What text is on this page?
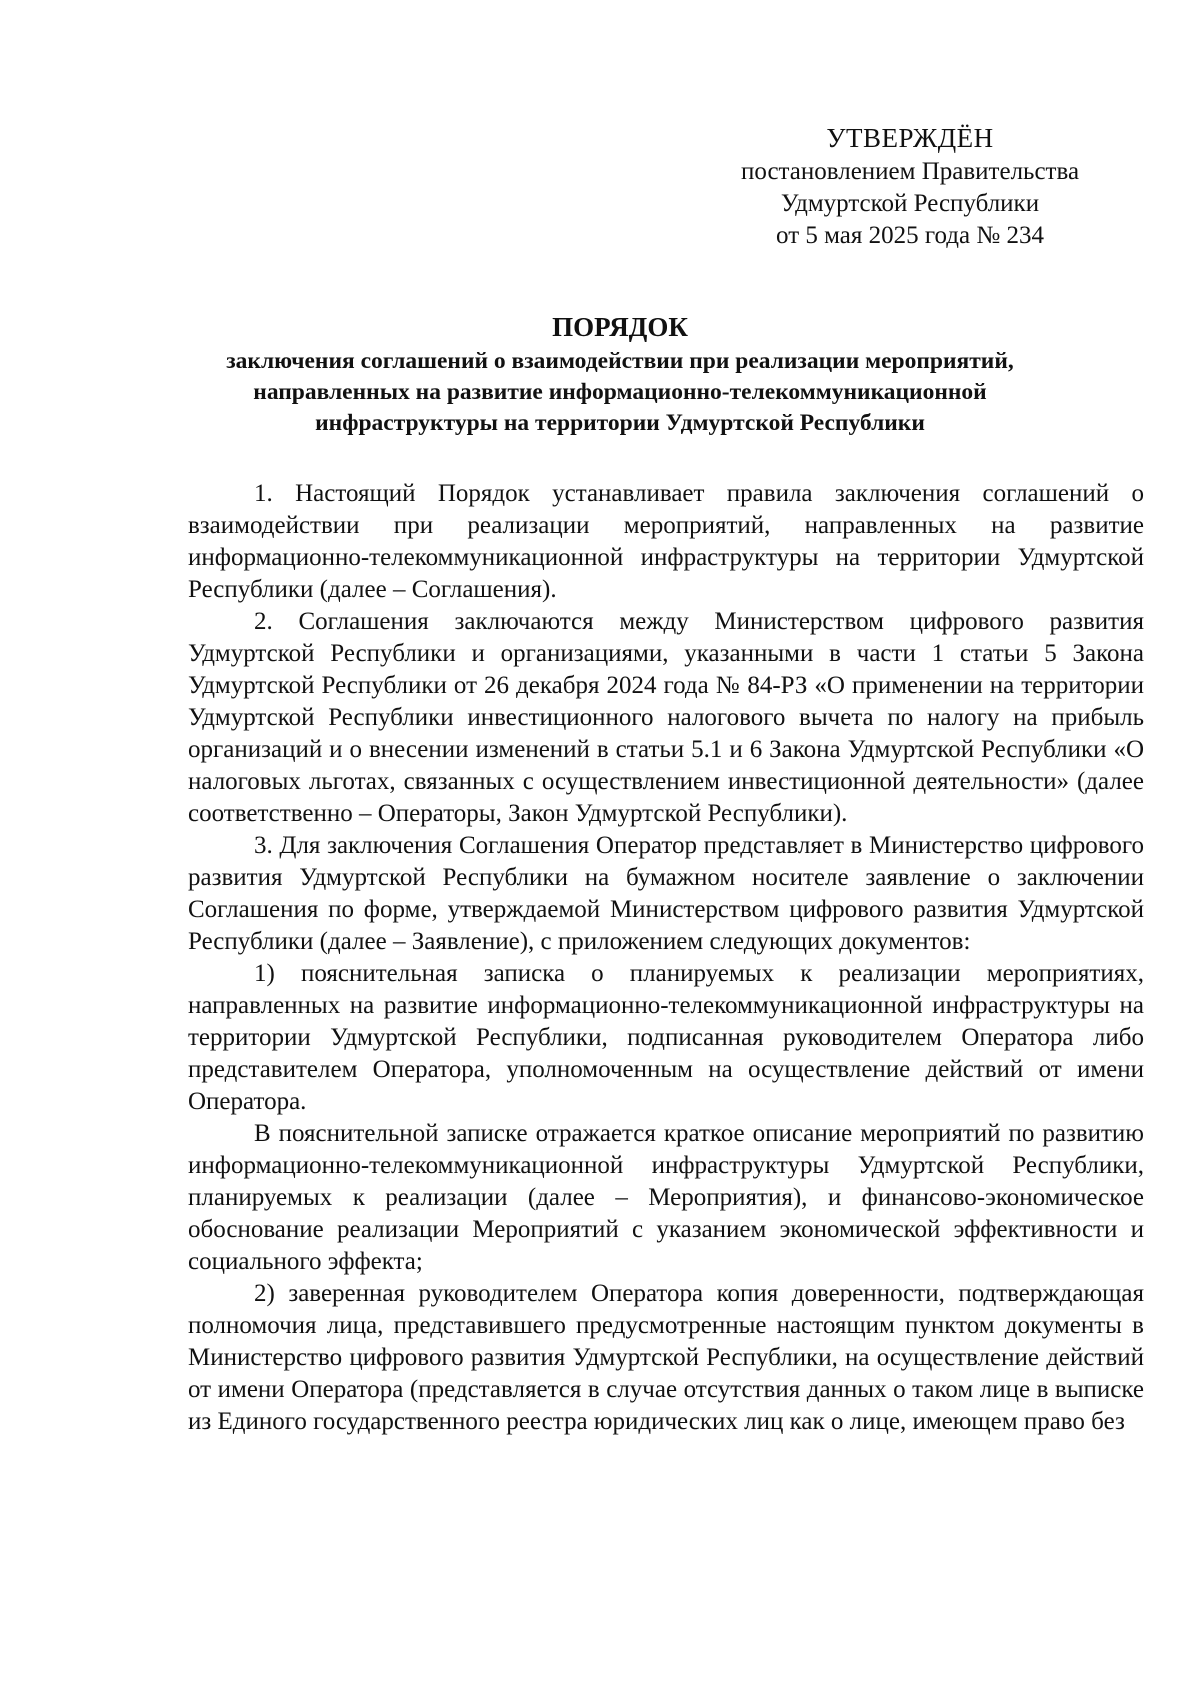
УТВЕРЖДЁН
постановлением Правительства
Удмуртской Республики
от 5 мая 2025 года № 234
ПОРЯДОК
заключения соглашений о взаимодействии при реализации мероприятий,
направленных на развитие информационно-телекоммуникационной
инфраструктуры на территории Удмуртской Республики

1. Настоящий Порядок устанавливает правила заключения соглашений о взаимодействии при реализации мероприятий, направленных на развитие информационно-телекоммуникационной инфраструктуры на территории Удмуртской Республики (далее – Соглашения).

2. Соглашения заключаются между Министерством цифрового развития Удмуртской Республики и организациями, указанными в части 1 статьи 5 Закона Удмуртской Республики от 26 декабря 2024 года № 84-РЗ «О применении на территории Удмуртской Республики инвестиционного налогового вычета по налогу на прибыль организаций и о внесении изменений в статьи 5.1 и 6 Закона Удмуртской Республики «О налоговых льготах, связанных с осуществлением инвестиционной деятельности» (далее соответственно – Операторы, Закон Удмуртской Республики).

3. Для заключения Соглашения Оператор представляет в Министерство цифрового развития Удмуртской Республики на бумажном носителе заявление о заключении Соглашения по форме, утверждаемой Министерством цифрового развития Удмуртской Республики (далее – Заявление), с приложением следующих документов:

1) пояснительная записка о планируемых к реализации мероприятиях, направленных на развитие информационно-телекоммуникационной инфраструктуры на территории Удмуртской Республики, подписанная руководителем Оператора либо представителем Оператора, уполномоченным на осуществление действий от имени Оператора.

В пояснительной записке отражается краткое описание мероприятий по развитию информационно-телекоммуникационной инфраструктуры Удмуртской Республики, планируемых к реализации (далее – Мероприятия), и финансово-экономическое обоснование реализации Мероприятий с указанием экономической эффективности и социального эффекта;

2) заверенная руководителем Оператора копия доверенности, подтверждающая полномочия лица, представившего предусмотренные настоящим пунктом документы в Министерство цифрового развития Удмуртской Республики, на осуществление действий от имени Оператора (представляется в случае отсутствия данных о таком лице в выписке из Единого государственного реестра юридических лиц как о лице, имеющем право без
